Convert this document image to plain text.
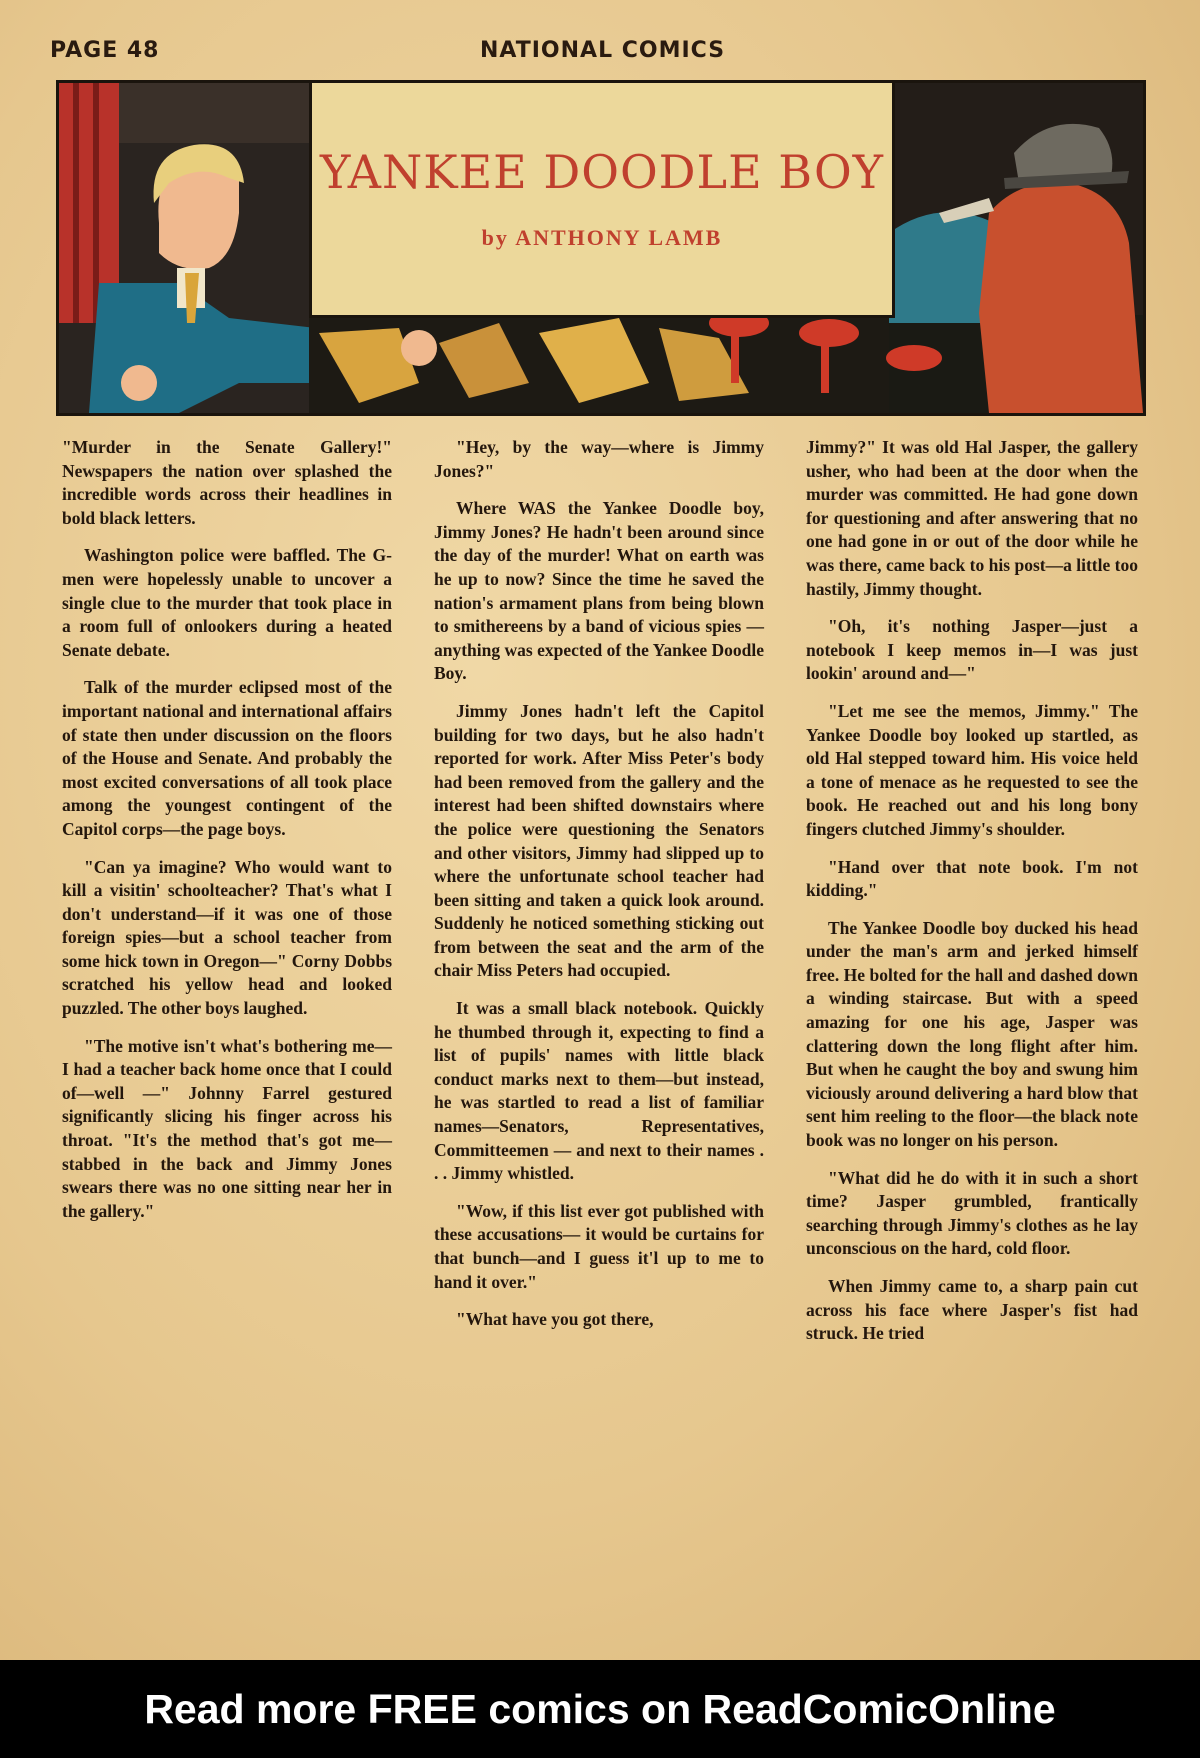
PAGE 48	NATIONAL COMICS
YANKEE DOODLE BOY
by ANTHONY LAMB

"Murder in the Senate Gallery!" Newspapers the nation over splashed the incredible words across their headlines in bold black letters.

Washington police were baffled. The G-men were hopelessly unable to uncover a single clue to the murder that took place in a room full of onlookers during a heated Senate debate.

Talk of the murder eclipsed most of the important national and international affairs of state then under discussion on the floors of the House and Senate. And probably the most excited conversations of all took place among the youngest contingent of the Capitol corps—the page boys.

"Can ya imagine? Who would want to kill a visitin' schoolteacher? That's what I don't understand—if it was one of those foreign spies—but a school teacher from some hick town in Oregon—" Corny Dobbs scratched his yellow head and looked puzzled. The other boys laughed.

"The motive isn't what's bothering me—I had a teacher back home once that I could of—well —" Johnny Farrel gestured significantly slicing his finger across his throat. "It's the method that's got me—stabbed in the back and Jimmy Jones swears there was no one sitting near her in the gallery."

"Hey, by the way—where is Jimmy Jones?"

Where WAS the Yankee Doodle boy, Jimmy Jones? He hadn't been around since the day of the murder! What on earth was he up to now? Since the time he saved the nation's armament plans from being blown to smithereens by a band of vicious spies —anything was expected of the Yankee Doodle Boy.

Jimmy Jones hadn't left the Capitol building for two days, but he also hadn't reported for work. After Miss Peter's body had been removed from the gallery and the interest had been shifted downstairs where the police were questioning the Senators and other visitors, Jimmy had slipped up to where the unfortunate school teacher had been sitting and taken a quick look around. Suddenly he noticed something sticking out from between the seat and the arm of the chair Miss Peters had occupied.

It was a small black notebook. Quickly he thumbed through it, expecting to find a list of pupils' names with little black conduct marks next to them—but instead, he was startled to read a list of familiar names—Senators, Representatives, Committeemen — and next to their names . . . Jimmy whistled.

"Wow, if this list ever got published with these accusations— it would be curtains for that bunch—and I guess it'l up to me to hand it over."

"What have you got there,

Jimmy?" It was old Hal Jasper, the gallery usher, who had been at the door when the murder was committed. He had gone down for questioning and after answering that no one had gone in or out of the door while he was there, came back to his post—a little too hastily, Jimmy thought.

"Oh, it's nothing Jasper—just a notebook I keep memos in—I was just lookin' around and—"

"Let me see the memos, Jimmy." The Yankee Doodle boy looked up startled, as old Hal stepped toward him. His voice held a tone of menace as he requested to see the book. He reached out and his long bony fingers clutched Jimmy's shoulder.

"Hand over that note book. I'm not kidding."

The Yankee Doodle boy ducked his head under the man's arm and jerked himself free. He bolted for the hall and dashed down a winding staircase. But with a speed amazing for one his age, Jasper was clattering down the long flight after him. But when he caught the boy and swung him viciously around delivering a hard blow that sent him reeling to the floor—the black note book was no longer on his person.

"What did he do with it in such a short time? Jasper grumbled, frantically searching through Jimmy's clothes as he lay unconscious on the hard, cold floor.

When Jimmy came to, a sharp pain cut across his face where Jasper's fist had struck. He tried

Read more FREE comics on ReadComicOnline
